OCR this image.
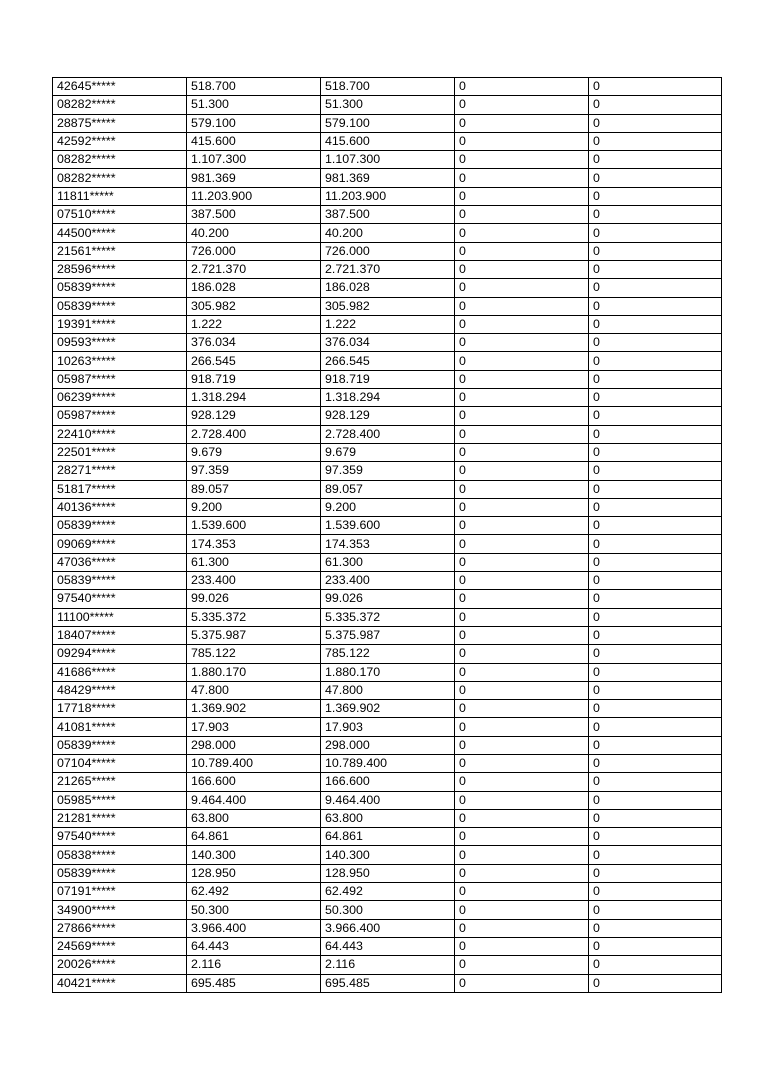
42645*****	518.700	518.700	0	0
08282*****	51.300	51.300	0	0
28875*****	579.100	579.100	0	0
42592*****	415.600	415.600	0	0
08282*****	1.107.300	1.107.300	0	0
08282*****	981.369	981.369	0	0
11811*****	11.203.900	11.203.900	0	0
07510*****	387.500	387.500	0	0
44500*****	40.200	40.200	0	0
21561*****	726.000	726.000	0	0
28596*****	2.721.370	2.721.370	0	0
05839*****	186.028	186.028	0	0
05839*****	305.982	305.982	0	0
19391*****	1.222	1.222	0	0
09593*****	376.034	376.034	0	0
10263*****	266.545	266.545	0	0
05987*****	918.719	918.719	0	0
06239*****	1.318.294	1.318.294	0	0
05987*****	928.129	928.129	0	0
22410*****	2.728.400	2.728.400	0	0
22501*****	9.679	9.679	0	0
28271*****	97.359	97.359	0	0
51817*****	89.057	89.057	0	0
40136*****	9.200	9.200	0	0
05839*****	1.539.600	1.539.600	0	0
09069*****	174.353	174.353	0	0
47036*****	61.300	61.300	0	0
05839*****	233.400	233.400	0	0
97540*****	99.026	99.026	0	0
11100*****	5.335.372	5.335.372	0	0
18407*****	5.375.987	5.375.987	0	0
09294*****	785.122	785.122	0	0
41686*****	1.880.170	1.880.170	0	0
48429*****	47.800	47.800	0	0
17718*****	1.369.902	1.369.902	0	0
41081*****	17.903	17.903	0	0
05839*****	298.000	298.000	0	0
07104*****	10.789.400	10.789.400	0	0
21265*****	166.600	166.600	0	0
05985*****	9.464.400	9.464.400	0	0
21281*****	63.800	63.800	0	0
97540*****	64.861	64.861	0	0
05838*****	140.300	140.300	0	0
05839*****	128.950	128.950	0	0
07191*****	62.492	62.492	0	0
34900*****	50.300	50.300	0	0
27866*****	3.966.400	3.966.400	0	0
24569*****	64.443	64.443	0	0
20026*****	2.116	2.116	0	0
40421*****	695.485	695.485	0	0
